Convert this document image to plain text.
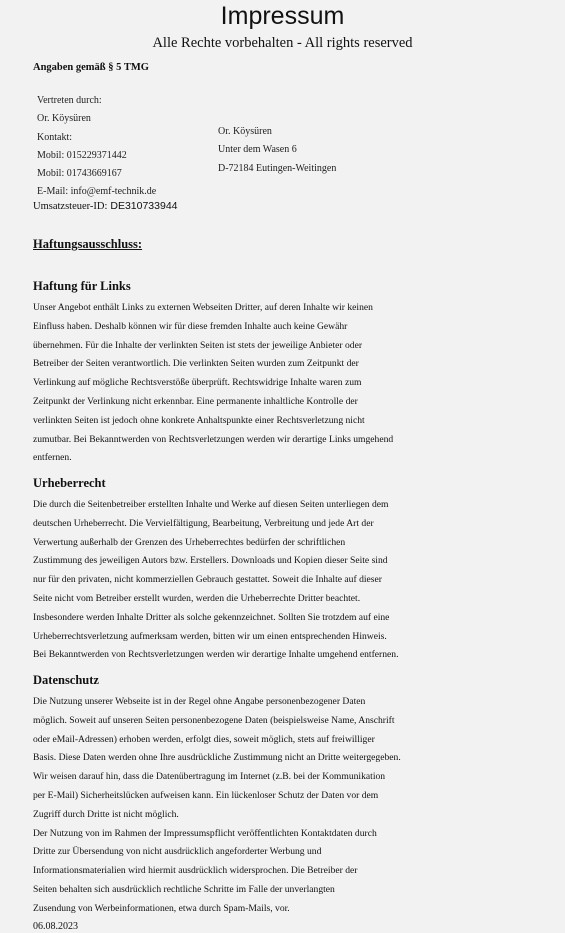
Impressum
Alle Rechte vorbehalten - All rights reserved
Angaben gemäß § 5 TMG
Vertreten durch:
Or. Köysüren
Kontakt:
Mobil: 015229371442
Mobil: 01743669167
E-Mail: info@emf-technik.de
Or. Köysüren
Unter dem Wasen 6
D-72184 Eutingen-Weitingen
Umsatzsteuer-ID: DE310733944
Haftungsausschluss:
Haftung für Links
Unser Angebot enthält Links zu externen Webseiten Dritter, auf deren Inhalte wir keinen
Einfluss haben. Deshalb können wir für diese fremden Inhalte auch keine Gewähr
übernehmen. Für die Inhalte der verlinkten Seiten ist stets der jeweilige Anbieter oder
Betreiber der Seiten verantwortlich. Die verlinkten Seiten wurden zum Zeitpunkt der
Verlinkung auf mögliche Rechtsverstöße überprüft. Rechtswidrige Inhalte waren zum
Zeitpunkt der Verlinkung nicht erkennbar. Eine permanente inhaltliche Kontrolle der
verlinkten Seiten ist jedoch ohne konkrete Anhaltspunkte einer Rechtsverletzung nicht
zumutbar. Bei Bekanntwerden von Rechtsverletzungen werden wir derartige Links umgehend
entfernen.
Urheberrecht
Die durch die Seitenbetreiber erstellten Inhalte und Werke auf diesen Seiten unterliegen dem
deutschen Urheberrecht. Die Vervielfältigung, Bearbeitung, Verbreitung und jede Art der
Verwertung außerhalb der Grenzen des Urheberrechtes bedürfen der schriftlichen
Zustimmung des jeweiligen Autors bzw. Erstellers. Downloads und Kopien dieser Seite sind
nur für den privaten, nicht kommerziellen Gebrauch gestattet. Soweit die Inhalte auf dieser
Seite nicht vom Betreiber erstellt wurden, werden die Urheberrechte Dritter beachtet.
Insbesondere werden Inhalte Dritter als solche gekennzeichnet. Sollten Sie trotzdem auf eine
Urheberrechtsverletzung aufmerksam werden, bitten wir um einen entsprechenden Hinweis.
Bei Bekanntwerden von Rechtsverletzungen werden wir derartige Inhalte umgehend entfernen.
Datenschutz
Die Nutzung unserer Webseite ist in der Regel ohne Angabe personenbezogener Daten
möglich. Soweit auf unseren Seiten personenbezogene Daten (beispielsweise Name, Anschrift
oder eMail-Adressen) erhoben werden, erfolgt dies, soweit möglich, stets auf freiwilliger
Basis. Diese Daten werden ohne Ihre ausdrückliche Zustimmung nicht an Dritte weitergegeben.
Wir weisen darauf hin, dass die Datenübertragung im Internet (z.B. bei der Kommunikation
per E-Mail) Sicherheitslücken aufweisen kann. Ein lückenloser Schutz der Daten vor dem
Zugriff durch Dritte ist nicht möglich.
Der Nutzung von im Rahmen der Impressumspflicht veröffentlichten Kontaktdaten durch
Dritte zur Übersendung von nicht ausdrücklich angeforderter Werbung und
Informationsmaterialien wird hiermit ausdrücklich widersprochen. Die Betreiber der
Seiten behalten sich ausdrücklich rechtliche Schritte im Falle der unverlangten
Zusendung von Werbeinformationen, etwa durch Spam-Mails, vor.
06.08.2023
